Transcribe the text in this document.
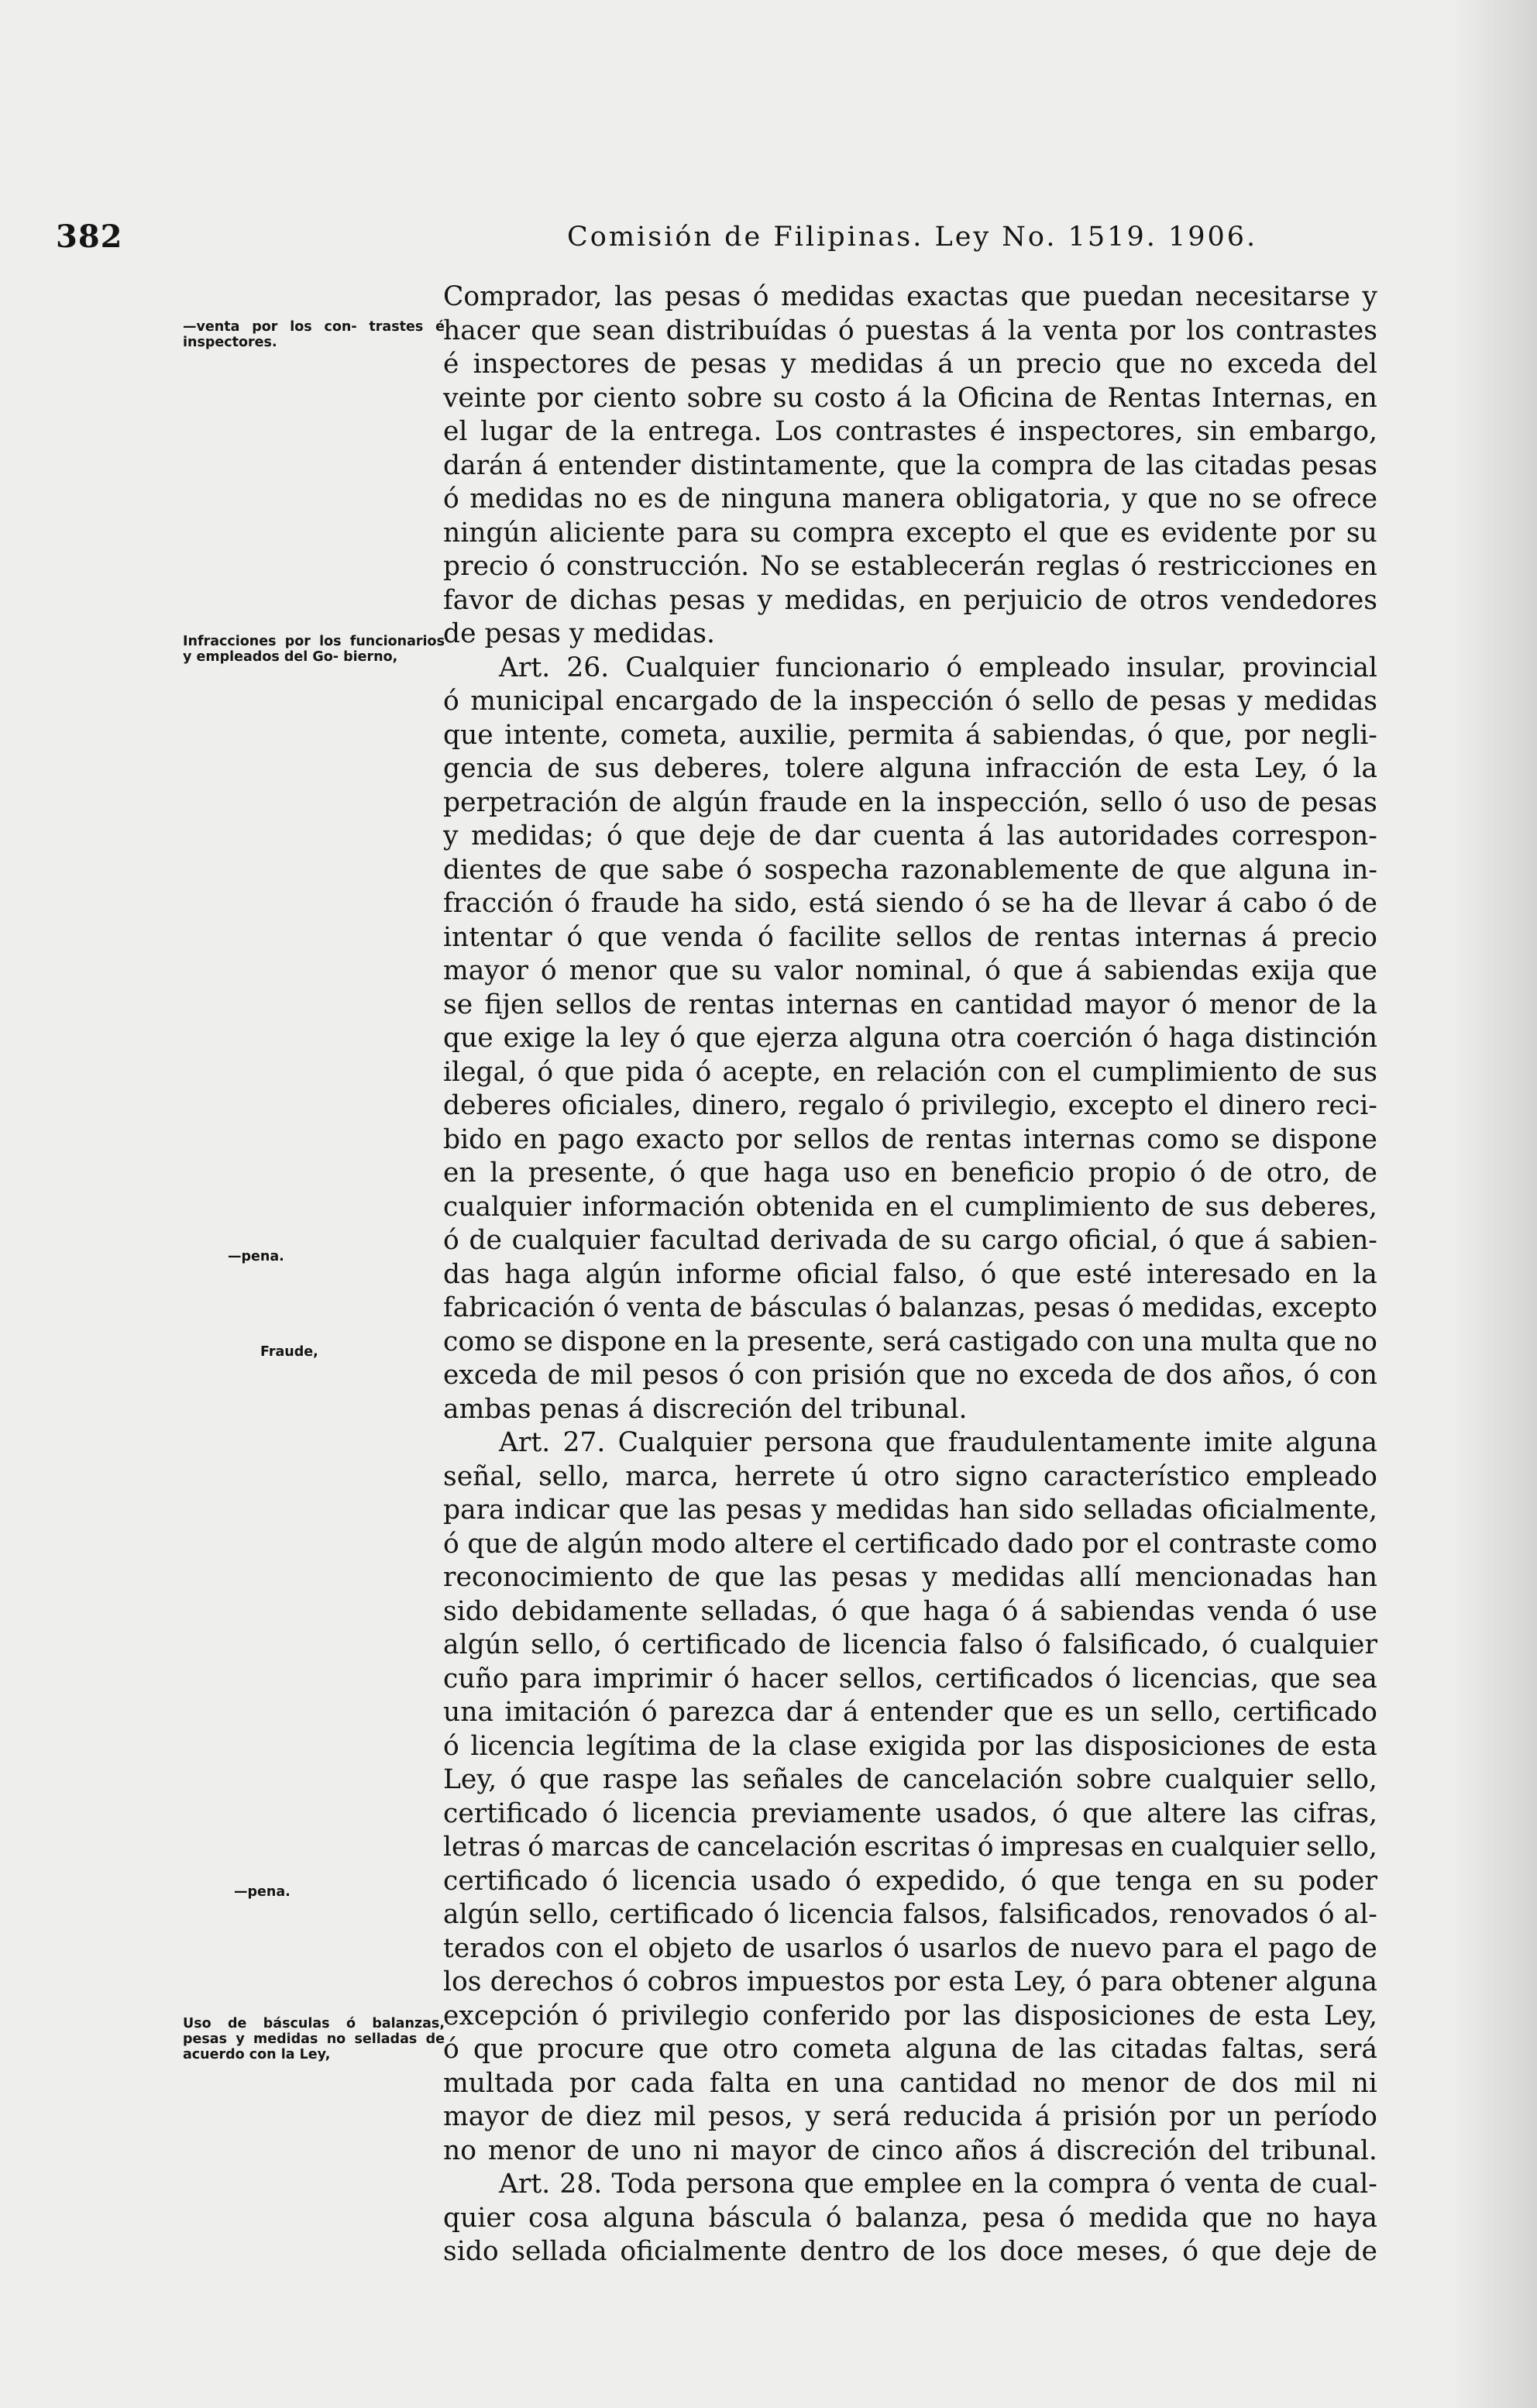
382	Comisión de Filipinas. Ley No. 1519. 1906.
—venta por los con- trastes é inspectores.
Infracciones por los funcionarios y empleados del Go- bierno,
—pena.
Fraude,
—pena.
Uso de básculas ó balanzas, pesas y medidas no selladas de acuerdo con la Ley,
Comprador, las pesas ó medidas exactas que puedan necesitarse y
hacer que sean distribuídas ó puestas á la venta por los contrastes
é inspectores de pesas y medidas á un precio que no exceda del
veinte por ciento sobre su costo á la Oficina de Rentas Internas, en
el lugar de la entrega. Los contrastes é inspectores, sin embargo,
darán á entender distintamente, que la compra de las citadas pesas
ó medidas no es de ninguna manera obligatoria, y que no se ofrece
ningún aliciente para su compra excepto el que es evidente por su
precio ó construcción. No se establecerán reglas ó restricciones en
favor de dichas pesas y medidas, en perjuicio de otros vendedores
de pesas y medidas.
Art. 26. Cualquier funcionario ó empleado insular, provincial
ó municipal encargado de la inspección ó sello de pesas y medidas
que intente, cometa, auxilie, permita á sabiendas, ó que, por negli-
gencia de sus deberes, tolere alguna infracción de esta Ley, ó la
perpetración de algún fraude en la inspección, sello ó uso de pesas
y medidas; ó que deje de dar cuenta á las autoridades correspon-
dientes de que sabe ó sospecha razonablemente de que alguna in-
fracción ó fraude ha sido, está siendo ó se ha de llevar á cabo ó de
intentar ó que venda ó facilite sellos de rentas internas á precio
mayor ó menor que su valor nominal, ó que á sabiendas exija que
se fijen sellos de rentas internas en cantidad mayor ó menor de la
que exige la ley ó que ejerza alguna otra coerción ó haga distinción
ilegal, ó que pida ó acepte, en relación con el cumplimiento de sus
deberes oficiales, dinero, regalo ó privilegio, excepto el dinero reci-
bido en pago exacto por sellos de rentas internas como se dispone
en la presente, ó que haga uso en beneficio propio ó de otro, de
cualquier información obtenida en el cumplimiento de sus deberes,
ó de cualquier facultad derivada de su cargo oficial, ó que á sabien-
das haga algún informe oficial falso, ó que esté interesado en la
fabricación ó venta de básculas ó balanzas, pesas ó medidas, excepto
como se dispone en la presente, será castigado con una multa que no
exceda de mil pesos ó con prisión que no exceda de dos años, ó con
ambas penas á discreción del tribunal.
Art. 27. Cualquier persona que fraudulentamente imite alguna
señal, sello, marca, herrete ú otro signo característico empleado
para indicar que las pesas y medidas han sido selladas oficialmente,
ó que de algún modo altere el certificado dado por el contraste como
reconocimiento de que las pesas y medidas allí mencionadas han
sido debidamente selladas, ó que haga ó á sabiendas venda ó use
algún sello, ó certificado de licencia falso ó falsificado, ó cualquier
cuño para imprimir ó hacer sellos, certificados ó licencias, que sea
una imitación ó parezca dar á entender que es un sello, certificado
ó licencia legítima de la clase exigida por las disposiciones de esta
Ley, ó que raspe las señales de cancelación sobre cualquier sello,
certificado ó licencia previamente usados, ó que altere las cifras,
letras ó marcas de cancelación escritas ó impresas en cualquier sello,
certificado ó licencia usado ó expedido, ó que tenga en su poder
algún sello, certificado ó licencia falsos, falsificados, renovados ó al-
terados con el objeto de usarlos ó usarlos de nuevo para el pago de
los derechos ó cobros impuestos por esta Ley, ó para obtener alguna
excepción ó privilegio conferido por las disposiciones de esta Ley,
ó que procure que otro cometa alguna de las citadas faltas, será
multada por cada falta en una cantidad no menor de dos mil ni
mayor de diez mil pesos, y será reducida á prisión por un período
no menor de uno ni mayor de cinco años á discreción del tribunal.
Art. 28. Toda persona que emplee en la compra ó venta de cual-
quier cosa alguna báscula ó balanza, pesa ó medida que no haya
sido sellada oficialmente dentro de los doce meses, ó que deje de
